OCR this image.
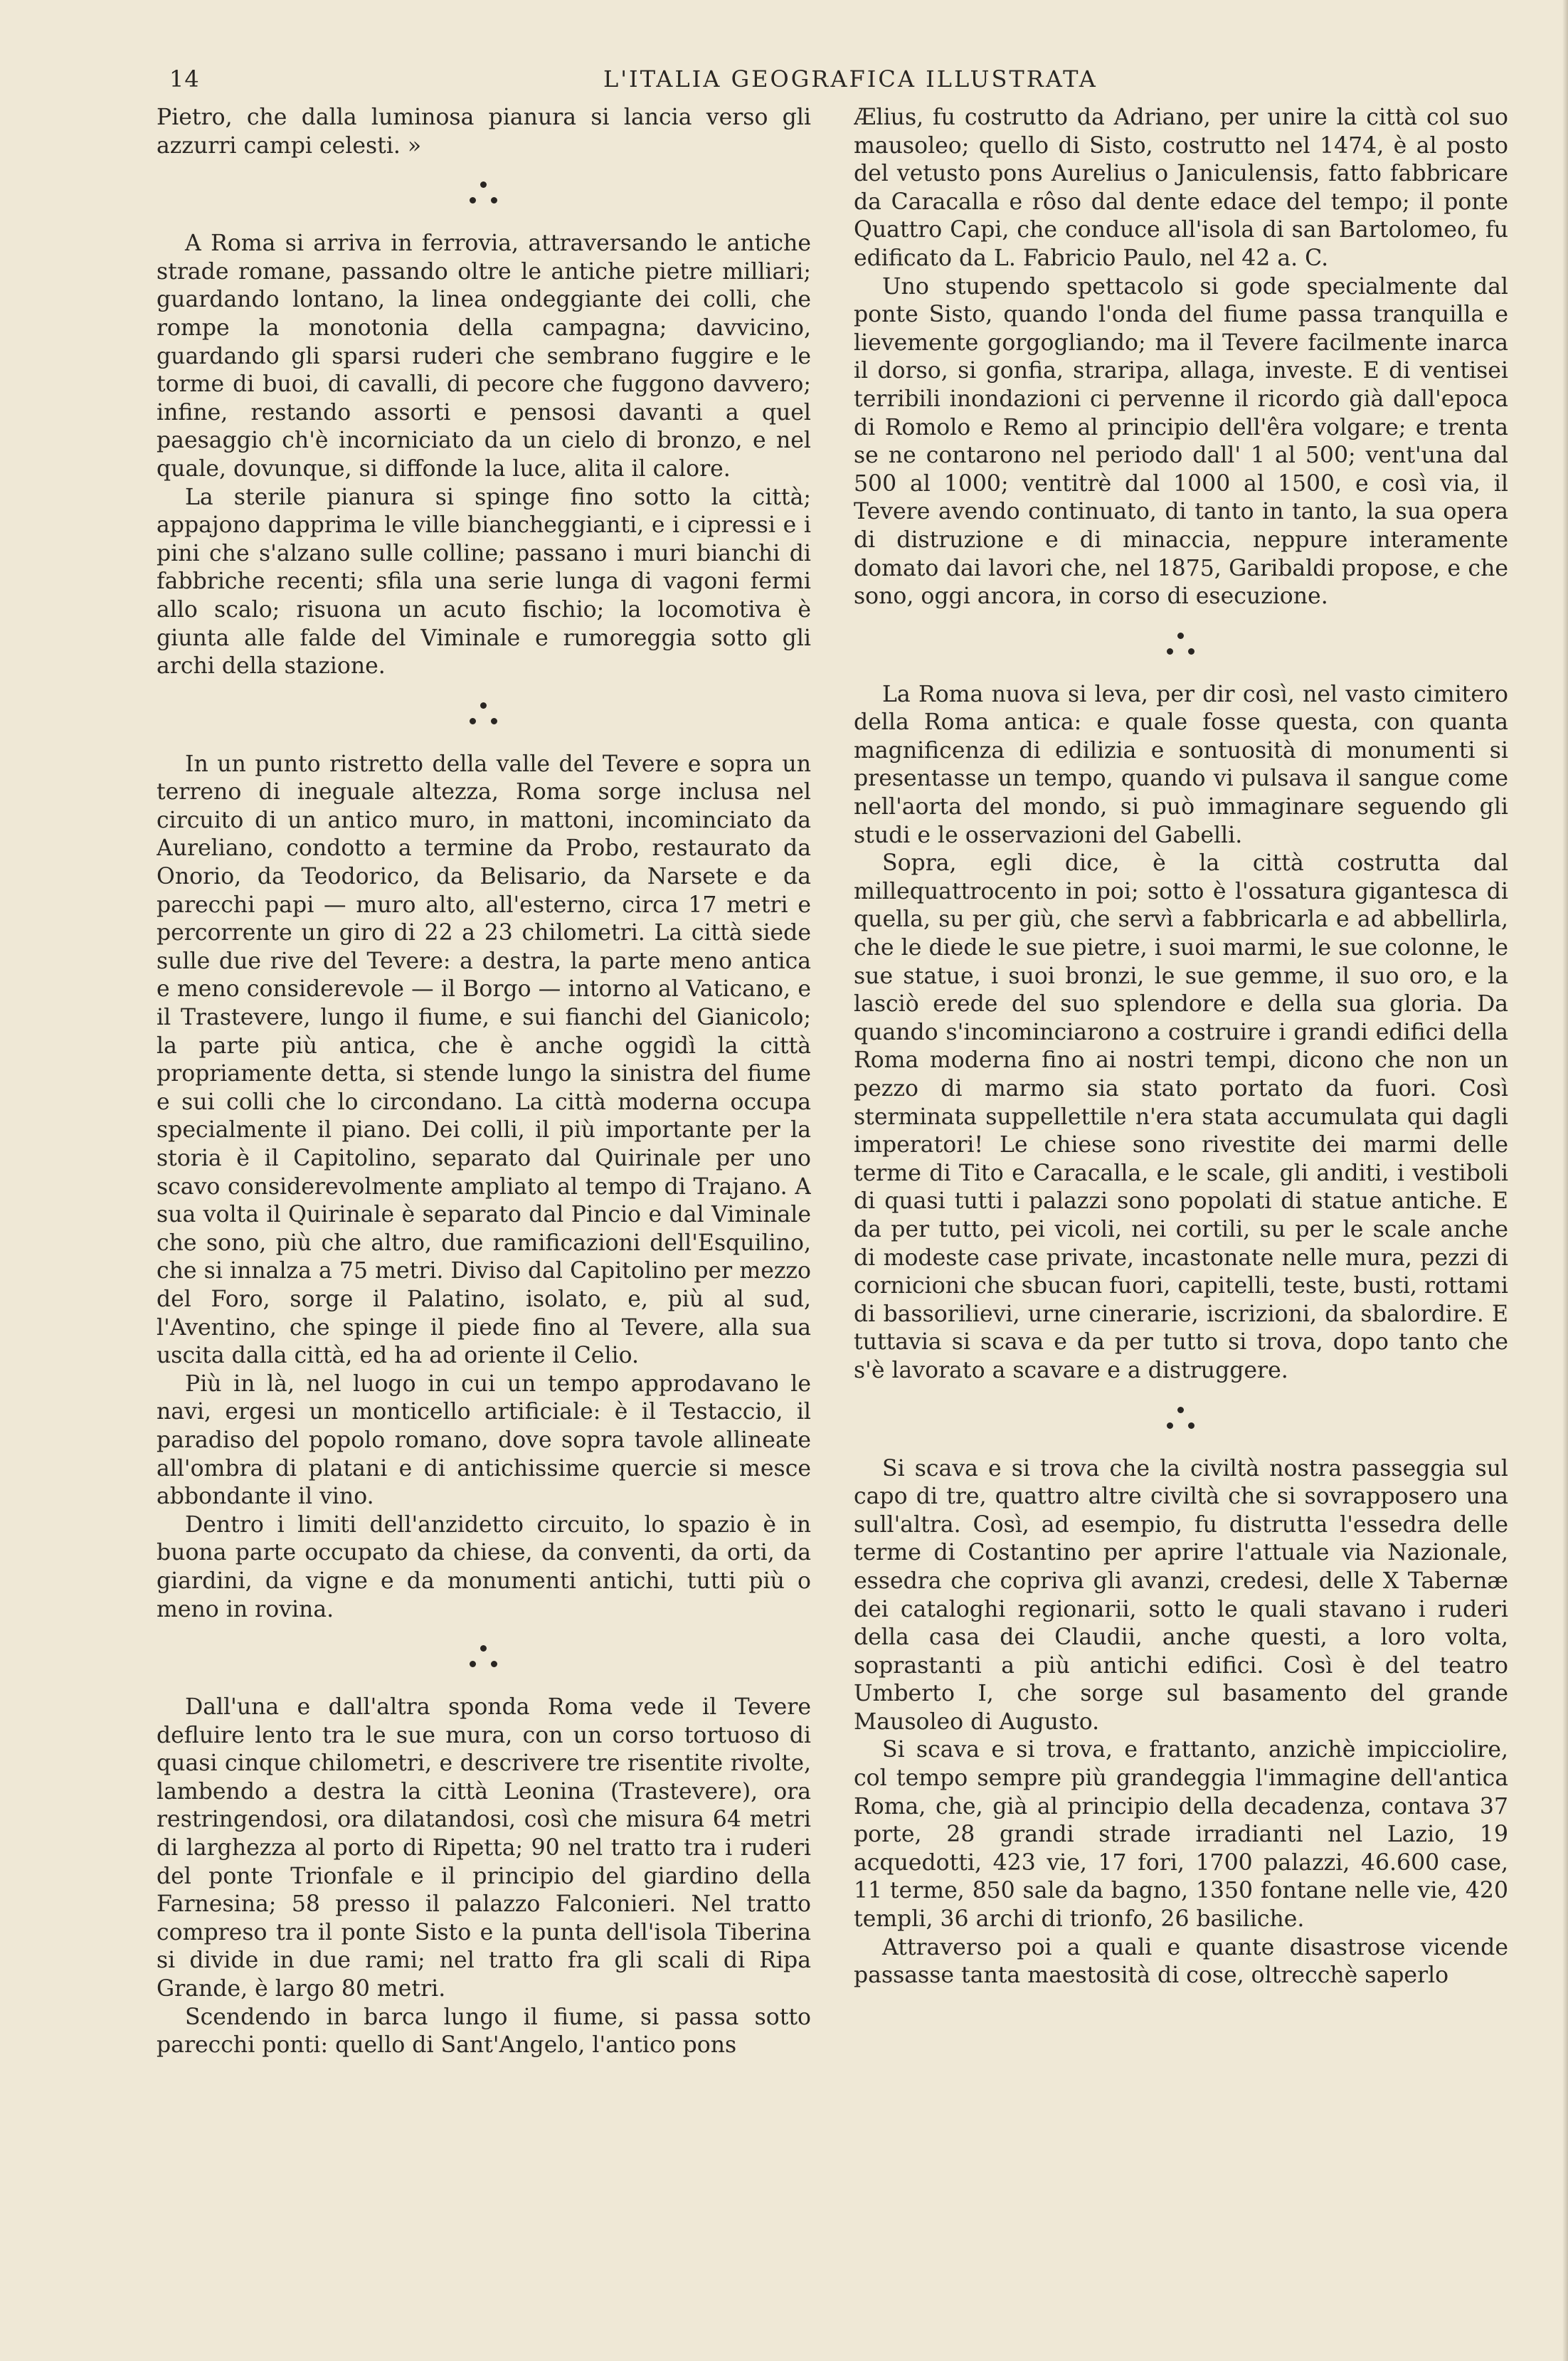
14	L'ITALIA GEOGRAFICA ILLUSTRATA

Pietro, che dalla luminosa pianura si lancia verso gli azzurri campi celesti. »

A Roma si arriva in ferrovia, attraversando le antiche strade romane, passando oltre le antiche pietre milliari; guardando lontano, la linea ondeggiante dei colli, che rompe la monotonia della campagna; davvicino, guardando gli sparsi ruderi che sembrano fuggire e le torme di buoi, di cavalli, di pecore che fuggono davvero; infine, restando assorti e pensosi davanti a quel paesaggio ch'è incorniciato da un cielo di bronzo, e nel quale, dovunque, si diffonde la luce, alita il calore.

La sterile pianura si spinge fino sotto la città; appajono dapprima le ville biancheggianti, e i cipressi e i pini che s'alzano sulle colline; passano i muri bianchi di fabbriche recenti; sfila una serie lunga di vagoni fermi allo scalo; risuona un acuto fischio; la locomotiva è giunta alle falde del Viminale e rumoreggia sotto gli archi della stazione.

In un punto ristretto della valle del Tevere e sopra un terreno di ineguale altezza, Roma sorge inclusa nel circuito di un antico muro, in mattoni, incominciato da Aureliano, condotto a termine da Probo, restaurato da Onorio, da Teodorico, da Belisario, da Narsete e da parecchi papi — muro alto, all'esterno, circa 17 metri e percorrente un giro di 22 a 23 chilometri. La città siede sulle due rive del Tevere: a destra, la parte meno antica e meno considerevole — il Borgo — intorno al Vaticano, e il Trastevere, lungo il fiume, e sui fianchi del Gianicolo; la parte più antica, che è anche oggidì la città propriamente detta, si stende lungo la sinistra del fiume e sui colli che lo circondano. La città moderna occupa specialmente il piano. Dei colli, il più importante per la storia è il Capitolino, separato dal Quirinale per uno scavo considerevolmente ampliato al tempo di Trajano. A sua volta il Quirinale è separato dal Pincio e dal Viminale che sono, più che altro, due ramificazioni dell'Esquilino, che si innalza a 75 metri. Diviso dal Capitolino per mezzo del Foro, sorge il Palatino, isolato, e, più al sud, l'Aventino, che spinge il piede fino al Tevere, alla sua uscita dalla città, ed ha ad oriente il Celio.

Più in là, nel luogo in cui un tempo approdavano le navi, ergesi un monticello artificiale: è il Testaccio, il paradiso del popolo romano, dove sopra tavole allineate all'ombra di platani e di antichissime quercie si mesce abbondante il vino.

Dentro i limiti dell'anzidetto circuito, lo spazio è in buona parte occupato da chiese, da conventi, da orti, da giardini, da vigne e da monumenti antichi, tutti più o meno in rovina.

Dall'una e dall'altra sponda Roma vede il Tevere defluire lento tra le sue mura, con un corso tortuoso di quasi cinque chilometri, e descrivere tre risentite rivolte, lambendo a destra la città Leonina (Trastevere), ora restringendosi, ora dilatandosi, così che misura 64 metri di larghezza al porto di Ripetta; 90 nel tratto tra i ruderi del ponte Trionfale e il principio del giardino della Farnesina; 58 presso il palazzo Falconieri. Nel tratto compreso tra il ponte Sisto e la punta dell'isola Tiberina si divide in due rami; nel tratto fra gli scali di Ripa Grande, è largo 80 metri.

Scendendo in barca lungo il fiume, si passa sotto parecchi ponti: quello di Sant'Angelo, l'antico pons

Ælius, fu costrutto da Adriano, per unire la città col suo mausoleo; quello di Sisto, costrutto nel 1474, è al posto del vetusto pons Aurelius o Janiculensis, fatto fabbricare da Caracalla e rôso dal dente edace del tempo; il ponte Quattro Capi, che conduce all'isola di san Bartolomeo, fu edificato da L. Fabricio Paulo, nel 42 a. C.

Uno stupendo spettacolo si gode specialmente dal ponte Sisto, quando l'onda del fiume passa tranquilla e lievemente gorgogliando; ma il Tevere facilmente inarca il dorso, si gonfia, straripa, allaga, investe. E di ventisei terribili inondazioni ci pervenne il ricordo già dall'epoca di Romolo e Remo al principio dell'êra volgare; e trenta se ne contarono nel periodo dall' 1 al 500; vent'una dal 500 al 1000; ventitrè dal 1000 al 1500, e così via, il Tevere avendo continuato, di tanto in tanto, la sua opera di distruzione e di minaccia, neppure interamente domato dai lavori che, nel 1875, Garibaldi propose, e che sono, oggi ancora, in corso di esecuzione.

La Roma nuova si leva, per dir così, nel vasto cimitero della Roma antica: e quale fosse questa, con quanta magnificenza di edilizia e sontuosità di monumenti si presentasse un tempo, quando vi pulsava il sangue come nell'aorta del mondo, si può immaginare seguendo gli studi e le osservazioni del Gabelli.

Sopra, egli dice, è la città costrutta dal millequattrocento in poi; sotto è l'ossatura gigantesca di quella, su per giù, che servì a fabbricarla e ad abbellirla, che le diede le sue pietre, i suoi marmi, le sue colonne, le sue statue, i suoi bronzi, le sue gemme, il suo oro, e la lasciò erede del suo splendore e della sua gloria. Da quando s'incominciarono a costruire i grandi edifici della Roma moderna fino ai nostri tempi, dicono che non un pezzo di marmo sia stato portato da fuori. Così sterminata suppellettile n'era stata accumulata qui dagli imperatori! Le chiese sono rivestite dei marmi delle terme di Tito e Caracalla, e le scale, gli anditi, i vestiboli di quasi tutti i palazzi sono popolati di statue antiche. E da per tutto, pei vicoli, nei cortili, su per le scale anche di modeste case private, incastonate nelle mura, pezzi di cornicioni che sbucan fuori, capitelli, teste, busti, rottami di bassorilievi, urne cinerarie, iscrizioni, da sbalordire. E tuttavia si scava e da per tutto si trova, dopo tanto che s'è lavorato a scavare e a distruggere.

Si scava e si trova che la civiltà nostra passeggia sul capo di tre, quattro altre civiltà che si sovrapposero una sull'altra. Così, ad esempio, fu distrutta l'essedra delle terme di Costantino per aprire l'attuale via Nazionale, essedra che copriva gli avanzi, credesi, delle X Tabernæ dei cataloghi regionarii, sotto le quali stavano i ruderi della casa dei Claudii, anche questi, a loro volta, soprastanti a più antichi edifici. Così è del teatro Umberto I, che sorge sul basamento del grande Mausoleo di Augusto.

Si scava e si trova, e frattanto, anzichè impicciolire, col tempo sempre più grandeggia l'immagine dell'antica Roma, che, già al principio della decadenza, contava 37 porte, 28 grandi strade irradianti nel Lazio, 19 acquedotti, 423 vie, 17 fori, 1700 palazzi, 46.600 case, 11 terme, 850 sale da bagno, 1350 fontane nelle vie, 420 templi, 36 archi di trionfo, 26 basiliche.

Attraverso poi a quali e quante disastrose vicende passasse tanta maestosità di cose, oltrecchè saperlo
